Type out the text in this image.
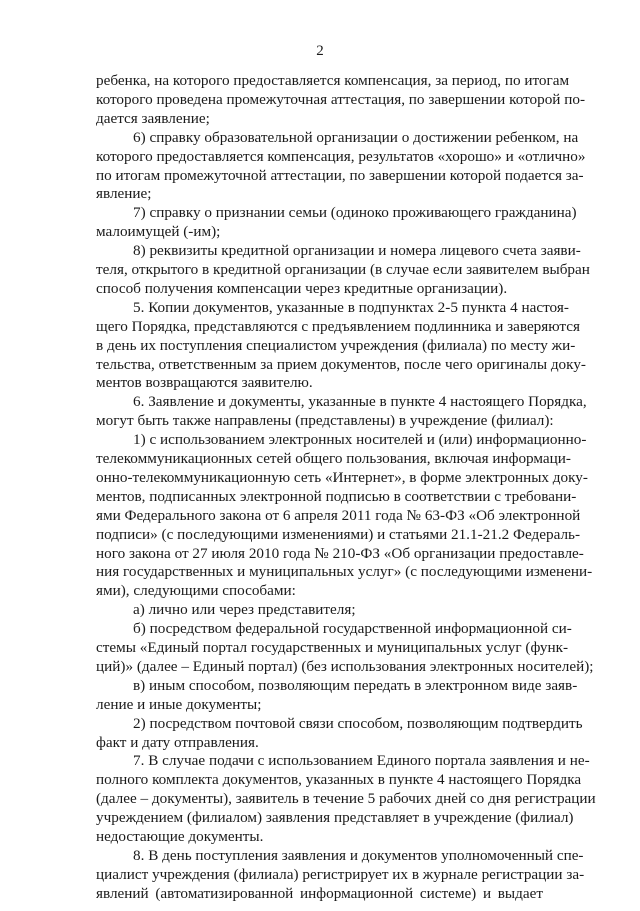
2
ребенка, на которого предоставляется компенсация, за период, по итогам
которого проведена промежуточная аттестация, по завершении которой по-
дается заявление;
6) справку образовательной организации о достижении ребенком, на
которого предоставляется компенсация, результатов «хорошо» и «отлично»
по итогам промежуточной аттестации, по завершении которой подается за-
явление;
7) справку о признании семьи (одиноко проживающего гражданина)
малоимущей (-им);
8) реквизиты кредитной организации и номера лицевого счета заяви-
теля, открытого в кредитной организации (в случае если заявителем выбран
способ получения компенсации через кредитные организации).
5. Копии документов, указанные в подпунктах 2-5 пункта 4 настоя-
щего Порядка, представляются с предъявлением подлинника и заверяются
в день их поступления специалистом учреждения (филиала) по месту жи-
тельства, ответственным за прием документов, после чего оригиналы доку-
ментов возвращаются заявителю.
6. Заявление и документы, указанные в пункте 4 настоящего Порядка,
могут быть также направлены (представлены) в учреждение (филиал):
1) с использованием электронных носителей и (или) информационно-
телекоммуникационных сетей общего пользования, включая информаци-
онно-телекоммуникационную сеть «Интернет», в форме электронных доку-
ментов, подписанных электронной подписью в соответствии с требовани-
ями Федерального закона от 6 апреля 2011 года № 63-ФЗ «Об электронной
подписи» (с последующими изменениями) и статьями 21.1-21.2 Федераль-
ного закона от 27 июля 2010 года № 210-ФЗ «Об организации предоставле-
ния государственных и муниципальных услуг» (с последующими изменени-
ями), следующими способами:
а) лично или через представителя;
б) посредством федеральной государственной информационной си-
стемы «Единый портал государственных и муниципальных услуг (функ-
ций)» (далее – Единый портал) (без использования электронных носителей);
в) иным способом, позволяющим передать в электронном виде заяв-
ление и иные документы;
2) посредством почтовой связи способом, позволяющим подтвердить
факт и дату отправления.
7. В случае подачи с использованием Единого портала заявления и не-
полного комплекта документов, указанных в пункте 4 настоящего Порядка
(далее – документы), заявитель в течение 5 рабочих дней со дня регистрации
учреждением (филиалом) заявления представляет в учреждение (филиал)
недостающие документы.
8. В день поступления заявления и документов уполномоченный спе-
циалист учреждения (филиала) регистрирует их в журнале регистрации за-
явлений (автоматизированной информационной системе) и выдает
